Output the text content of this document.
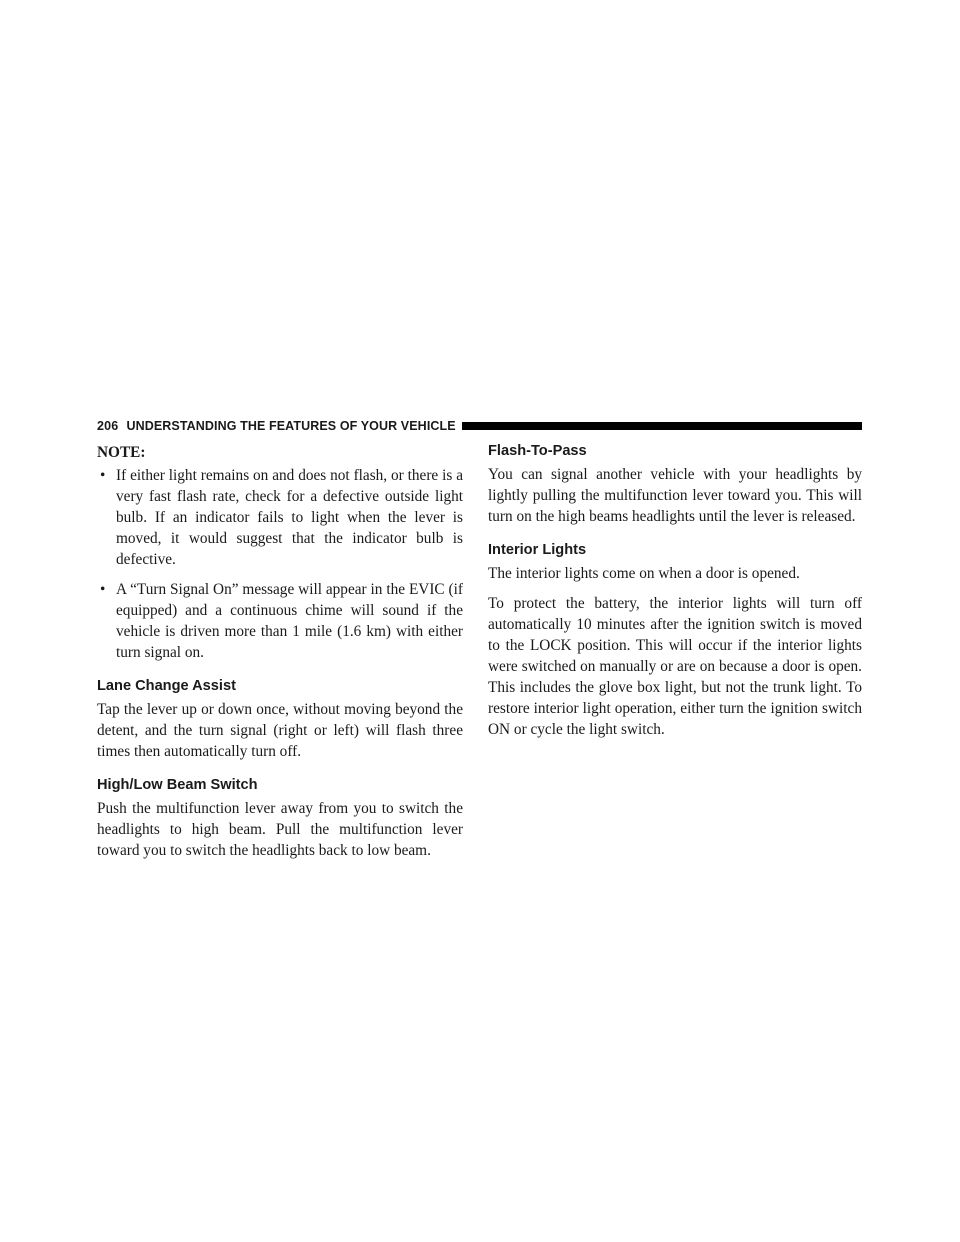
206 UNDERSTANDING THE FEATURES OF YOUR VEHICLE
NOTE:
• If either light remains on and does not flash, or there is a very fast flash rate, check for a defective outside light bulb. If an indicator fails to light when the lever is moved, it would suggest that the indicator bulb is defective.
• A “Turn Signal On” message will appear in the EVIC (if equipped) and a continuous chime will sound if the vehicle is driven more than 1 mile (1.6 km) with either turn signal on.
Lane Change Assist

Tap the lever up or down once, without moving beyond the detent, and the turn signal (right or left) will flash three times then automatically turn off.

High/Low Beam Switch

Push the multifunction lever away from you to switch the headlights to high beam. Pull the multifunction lever toward you to switch the headlights back to low beam.

Flash-To-Pass

You can signal another vehicle with your headlights by lightly pulling the multifunction lever toward you. This will turn on the high beams headlights until the lever is released.

Interior Lights

The interior lights come on when a door is opened.

To protect the battery, the interior lights will turn off automatically 10 minutes after the ignition switch is moved to the LOCK position. This will occur if the interior lights were switched on manually or are on because a door is open. This includes the glove box light, but not the trunk light. To restore interior light operation, either turn the ignition switch ON or cycle the light switch.
